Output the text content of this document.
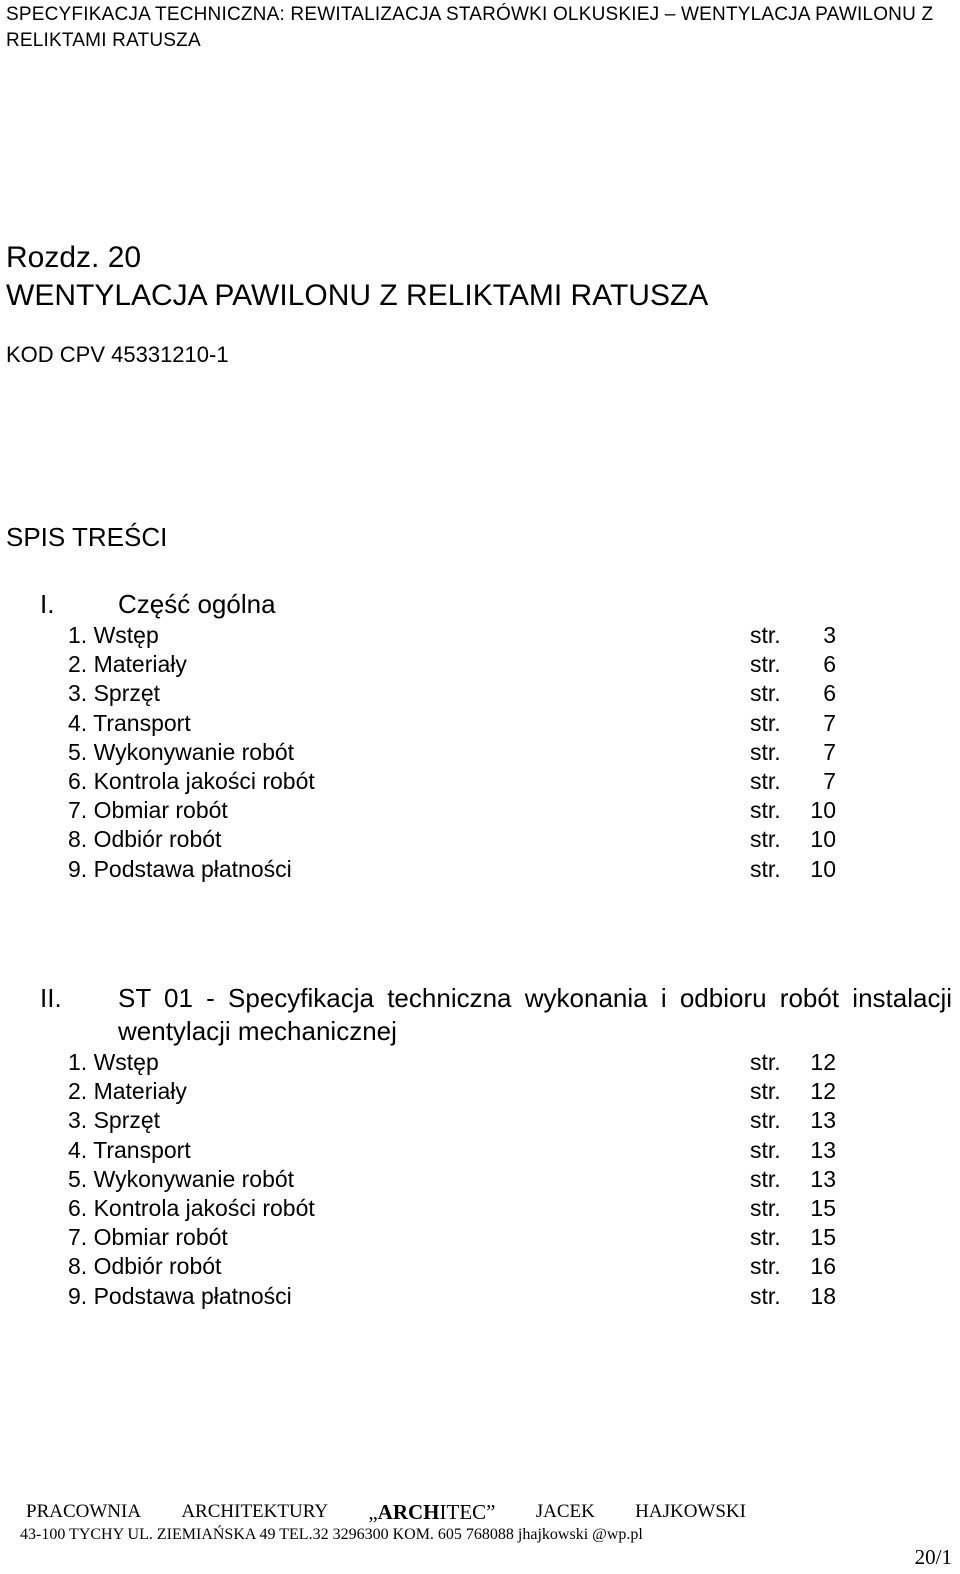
SPECYFIKACJA TECHNICZNA: REWITALIZACJA STARÓWKI OLKUSKIEJ – WENTYLACJA PAWILONU Z RELIKTAMI RATUSZA
Rozdz. 20
WENTYLACJA PAWILONU Z RELIKTAMI RATUSZA
KOD CPV 45331210-1
SPIS TREŚCI
I.	Część ogólna
1. Wstęp	str. 3
2. Materiały	str. 6
3. Sprzęt	str. 6
4. Transport	str. 7
5. Wykonywanie robót	str. 7
6. Kontrola jakości robót	str. 7
7. Obmiar robót	str. 10
8. Odbiór robót	str. 10
9. Podstawa płatności	str. 10
II.	ST 01 - Specyfikacja techniczna wykonania i odbioru robót instalacji wentylacji mechanicznej
1. Wstęp	str. 12
2. Materiały	str. 12
3. Sprzęt	str. 13
4. Transport	str. 13
5. Wykonywanie robót	str. 13
6. Kontrola jakości robót	str. 15
7. Obmiar robót	str. 15
8. Odbiór robót	str. 16
9. Podstawa płatności	str. 18
PRACOWNIA ARCHITEKTURY „ARCHITEC” JACEK HAJKOWSKI
43-100 TYCHY UL. ZIEMIAŃSKA 49 TEL.32 3296300 KOM. 605 768088 jhajkowski @wp.pl
20/1
